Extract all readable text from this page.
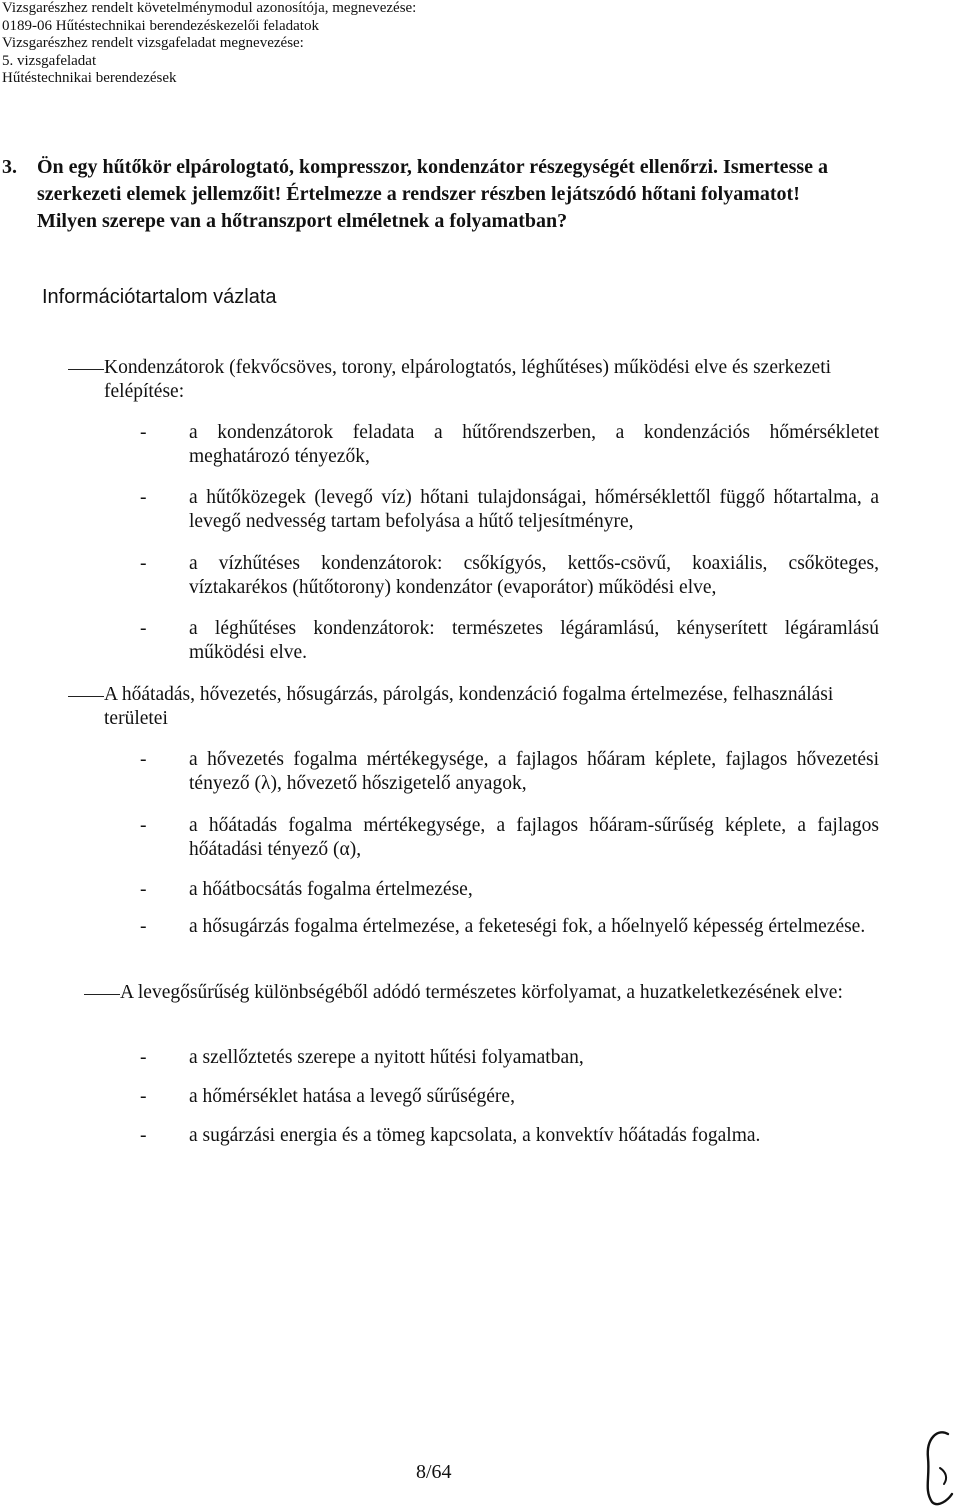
Vizsgarészhez rendelt követelménymodul azonosítója, megnevezése:
0189-06 Hűtéstechnikai berendezéskezelői feladatok
Vizsgarészhez rendelt vizsgafeladat megnevezése:
5. vizsgafeladat
Hűtéstechnikai berendezések
3. Ön egy hűtőkör elpárologtató, kompresszor, kondenzátor részegységét ellenőrzi. Ismertesse a szerkezeti elemek jellemzőit! Értelmezze a rendszer részben lejátszódó hőtani folyamatot! Milyen szerepe van a hőtranszport elméletnek a folyamatban?
Információtartalom vázlata
Kondenzátorok (fekvőcsöves, torony, elpárologtatós, léghűtéses) működési elve és szerkezeti felépítése:
- a kondenzátorok feladata a hűtőrendszerben, a kondenzációs hőmérsékletet meghatározó tényezők,
- a hűtőközegek (levegő víz) hőtani tulajdonságai, hőmérséklettől függő hőtartalma, a levegő nedvesség tartam befolyása a hűtő teljesítményre,
- a vízhűtéses kondenzátorok: csőkígyós, kettős-csövű, koaxiális, csőköteges, víztakarékos (hűtőtorony) kondenzátor (evaporátor) működési elve,
- a léghűtéses kondenzátorok: természetes légáramlású, kényserített légáramlású működési elve.
A hőátadás, hővezetés, hősugárzás, párolgás, kondenzáció fogalma értelmezése, felhasználási területei
- a hővezetés fogalma mértékegysége, a fajlagos hőáram képlete, fajlagos hővezetési tényező (λ), hővezető hőszigetelő anyagok,
- a hőátadás fogalma mértékegysége, a fajlagos hőáram-sűrűség képlete, a fajlagos hőátadási tényező (α),
- a hőátbocsátás fogalma értelmezése,
- a hősugárzás fogalma értelmezése, a feketeségi fok, a hőelnyelő képesség értelmezése.
A levegősűrűség különbségéből adódó természetes körfolyamat, a huzatkeletkezésének elve:
- a szellőztetés szerepe a nyitott hűtési folyamatban,
- a hőmérséklet hatása a levegő sűrűségére,
- a sugárzási energia és a tömeg kapcsolata, a konvektív hőátadás fogalma.
8/64
